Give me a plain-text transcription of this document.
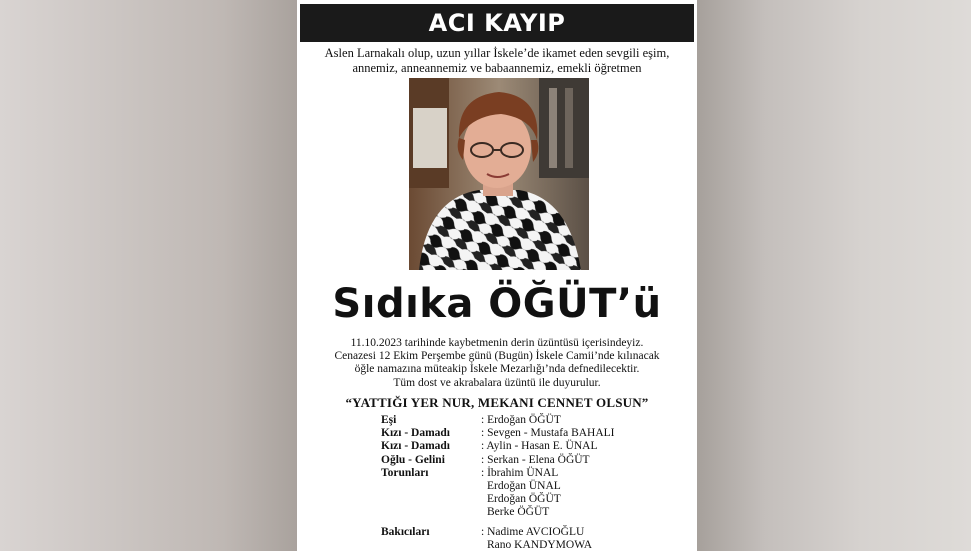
ACI KAYIP
Aslen Larnakalı olup, uzun yıllar İskele’de ikamet eden sevgili eşim,
annemiz, anneannemiz ve babaannemiz, emekli öğretmen
Sıdıka ÖĞÜT’ü
11.10.2023 tarihinde kaybetmenin derin üzüntüsü içerisindeyiz.
Cenazesi 12 Ekim Perşembe günü (Bugün) İskele Camii’nde kılınacak
öğle namazına müteakip İskele Mezarlığı’nda defnedilecektir.
Tüm dost ve akrabalara üzüntü ile duyurulur.
“YATTIĞI YER NUR, MEKANI CENNET OLSUN”
Eşi	: Erdoğan ÖĞÜT
Kızı - Damadı	: Sevgen - Mustafa BAHALI
Kızı - Damadı	: Aylin - Hasan E. ÜNAL
Oğlu - Gelini	: Serkan - Elena ÖĞÜT
Torunları	: İbrahim ÜNAL
Erdoğan ÜNAL
Erdoğan ÖĞÜT
Berke ÖĞÜT
Bakıcıları	: Nadime AVCIOĞLU
Rano KANDYMOWA
